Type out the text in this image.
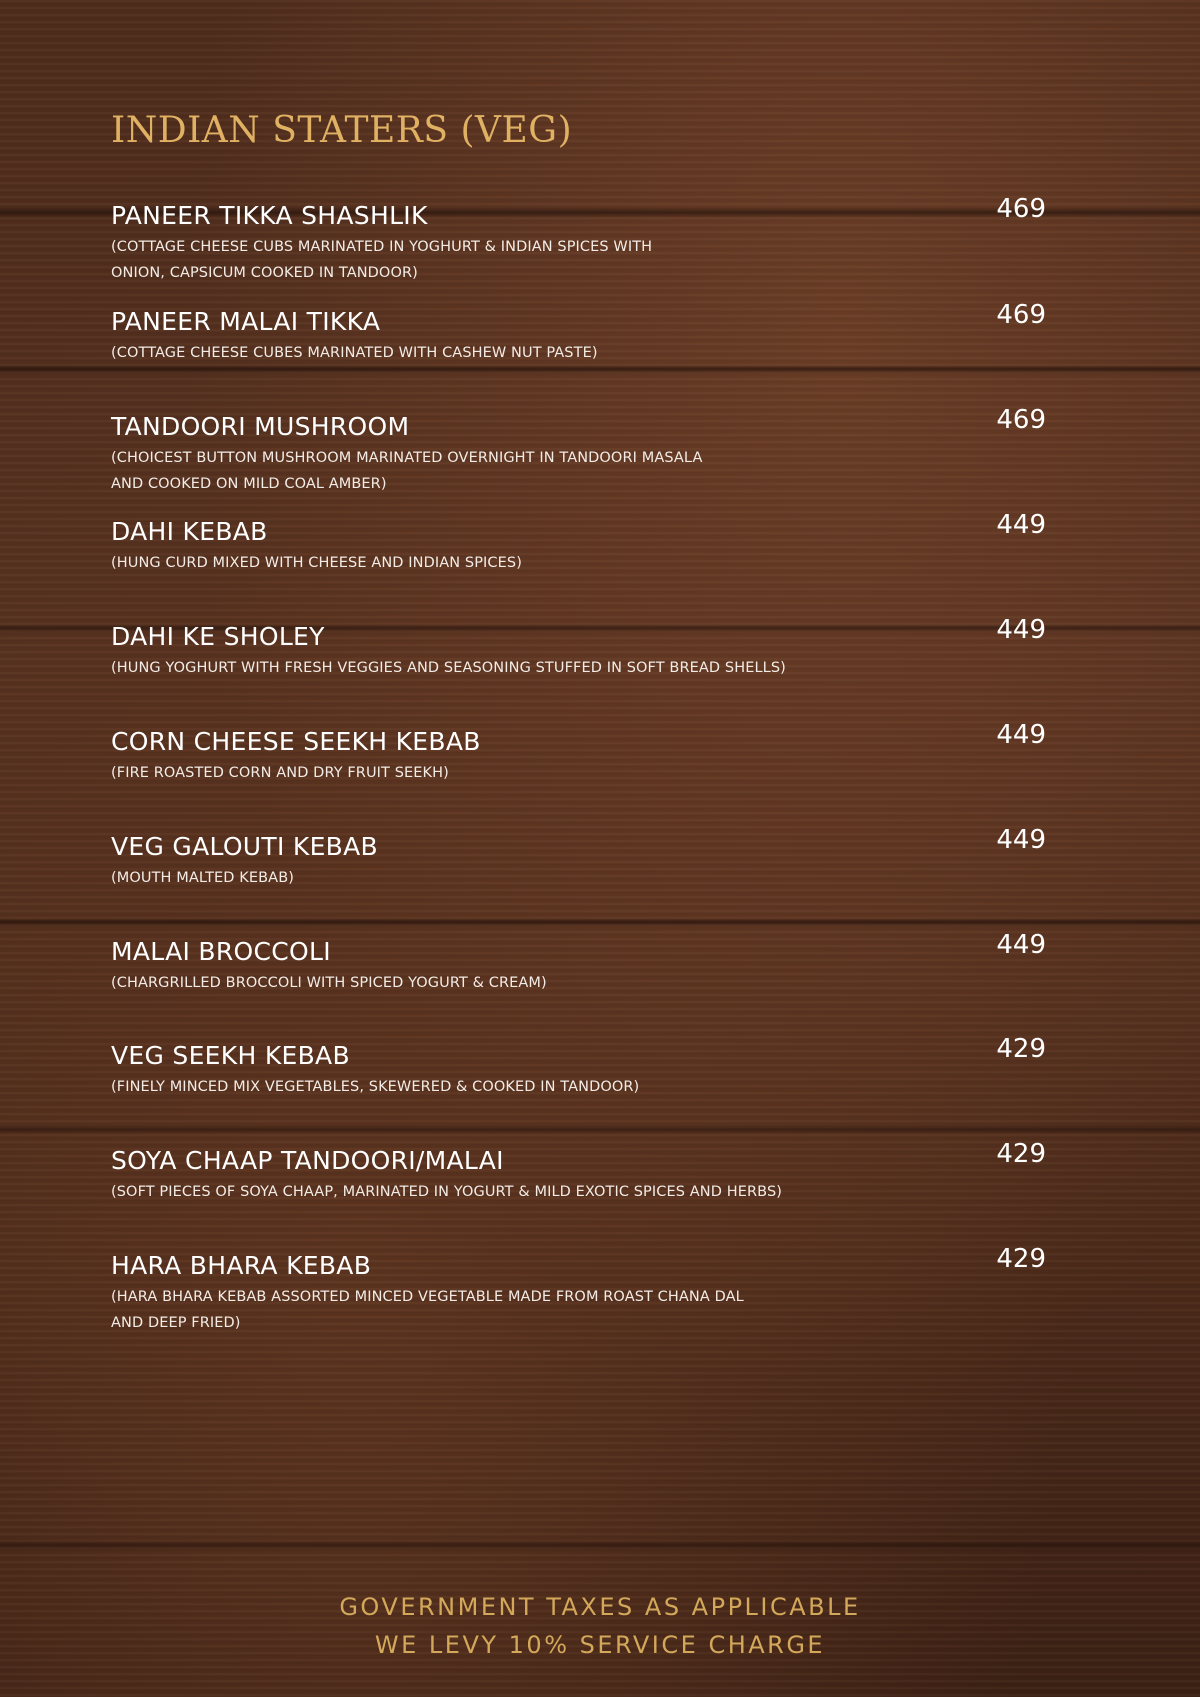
INDIAN STATERS (VEG)
PANEER TIKKA SHASHLIK
(COTTAGE CHEESE CUBS MARINATED IN YOGHURT & INDIAN SPICES WITH ONION, CAPSICUM COOKED IN TANDOOR)
469
PANEER MALAI TIKKA
(COTTAGE CHEESE CUBES MARINATED WITH CASHEW NUT PASTE)
469
TANDOORI MUSHROOM
(CHOICEST BUTTON MUSHROOM MARINATED OVERNIGHT IN TANDOORI MASALA AND COOKED ON MILD COAL AMBER)
469
DAHI KEBAB
(HUNG CURD MIXED WITH CHEESE AND INDIAN SPICES)
449
DAHI KE SHOLEY
(HUNG YOGHURT WITH FRESH VEGGIES AND SEASONING STUFFED IN SOFT BREAD SHELLS)
449
CORN CHEESE SEEKH KEBAB
(FIRE ROASTED CORN AND DRY FRUIT SEEKH)
449
VEG GALOUTI KEBAB
(MOUTH MALTED KEBAB)
449
MALAI BROCCOLI
(CHARGRILLED BROCCOLI WITH SPICED YOGURT & CREAM)
449
VEG SEEKH KEBAB
(FINELY MINCED MIX VEGETABLES, SKEWERED & COOKED IN TANDOOR)
429
SOYA CHAAP TANDOORI/MALAI
(SOFT PIECES OF SOYA CHAAP, MARINATED IN YOGURT & MILD EXOTIC SPICES AND HERBS)
429
HARA BHARA KEBAB
(HARA BHARA KEBAB ASSORTED MINCED VEGETABLE MADE FROM ROAST CHANA DAL AND DEEP FRIED)
429
GOVERNMENT TAXES AS APPLICABLE
WE LEVY 10% SERVICE CHARGE
